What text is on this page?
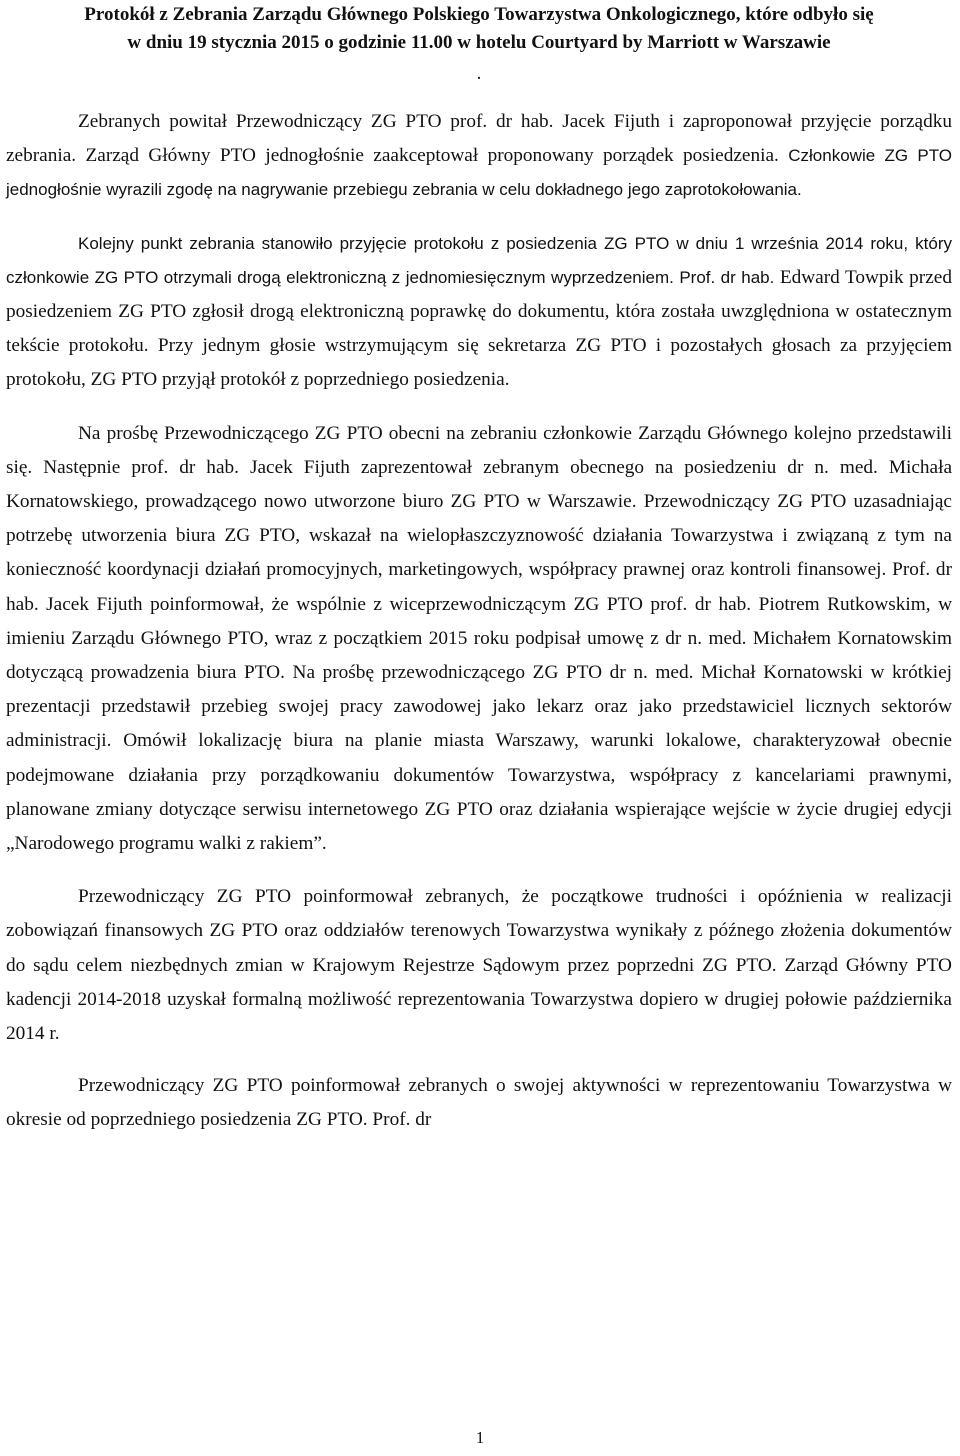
Protokół z Zebrania Zarządu Głównego Polskiego Towarzystwa Onkologicznego, które odbyło się
w dniu 19 stycznia 2015 o godzinie 11.00 w hotelu Courtyard by Marriott w Warszawie
.

Zebranych powitał Przewodniczący ZG PTO prof. dr hab. Jacek Fijuth i zaproponował przyjęcie porządku zebrania. Zarząd Główny PTO jednogłośnie zaakceptował proponowany porządek posiedzenia. Członkowie ZG PTO jednogłośnie wyrazili zgodę na nagrywanie przebiegu zebrania w celu dokładnego jego zaprotokołowania.

Kolejny punkt zebrania stanowiło przyjęcie protokołu z posiedzenia ZG PTO w dniu 1 września 2014 roku, który członkowie ZG PTO otrzymali drogą elektroniczną z jednomiesięcznym wyprzedzeniem. Prof. dr hab. Edward Towpik przed posiedzeniem ZG PTO zgłosił drogą elektroniczną poprawkę do dokumentu, która została uwzględniona w ostatecznym tekście protokołu. Przy jednym głosie wstrzymującym się sekretarza ZG PTO i pozostałych głosach za przyjęciem protokołu, ZG PTO przyjął protokół z poprzedniego posiedzenia.

Na prośbę Przewodniczącego ZG PTO obecni na zebraniu członkowie Zarządu Głównego kolejno przedstawili się. Następnie prof. dr hab. Jacek Fijuth zaprezentował zebranym obecnego na posiedzeniu dr n. med. Michała Kornatowskiego, prowadzącego nowo utworzone biuro ZG PTO w Warszawie. Przewodniczący ZG PTO uzasadniając potrzebę utworzenia biura ZG PTO, wskazał na wielopłaszczyznowość działania Towarzystwa i związaną z tym na konieczność koordynacji działań promocyjnych, marketingowych, współpracy prawnej oraz kontroli finansowej. Prof. dr hab. Jacek Fijuth poinformował, że wspólnie z wiceprzewodniczącym ZG PTO prof. dr hab. Piotrem Rutkowskim, w imieniu Zarządu Głównego PTO, wraz z początkiem 2015 roku podpisał umowę z dr n. med. Michałem Kornatowskim dotyczącą prowadzenia biura PTO. Na prośbę przewodniczącego ZG PTO dr n. med. Michał Kornatowski w krótkiej prezentacji przedstawił przebieg swojej pracy zawodowej jako lekarz oraz jako przedstawiciel licznych sektorów administracji. Omówił lokalizację biura na planie miasta Warszawy, warunki lokalowe, charakteryzował obecnie podejmowane działania przy porządkowaniu dokumentów Towarzystwa, współpracy z kancelariami prawnymi, planowane zmiany dotyczące serwisu internetowego ZG PTO oraz działania wspierające wejście w życie drugiej edycji „Narodowego programu walki z rakiem”.

Przewodniczący ZG PTO poinformował zebranych, że początkowe trudności i opóźnienia w realizacji zobowiązań finansowych ZG PTO oraz oddziałów terenowych Towarzystwa wynikały z późnego złożenia dokumentów do sądu celem niezbędnych zmian w Krajowym Rejestrze Sądowym przez poprzedni ZG PTO. Zarząd Główny PTO kadencji 2014-2018 uzyskał formalną możliwość reprezentowania Towarzystwa dopiero w drugiej połowie października 2014 r.

Przewodniczący ZG PTO poinformował zebranych o swojej aktywności w reprezentowaniu Towarzystwa w okresie od poprzedniego posiedzenia ZG PTO. Prof. dr

1
